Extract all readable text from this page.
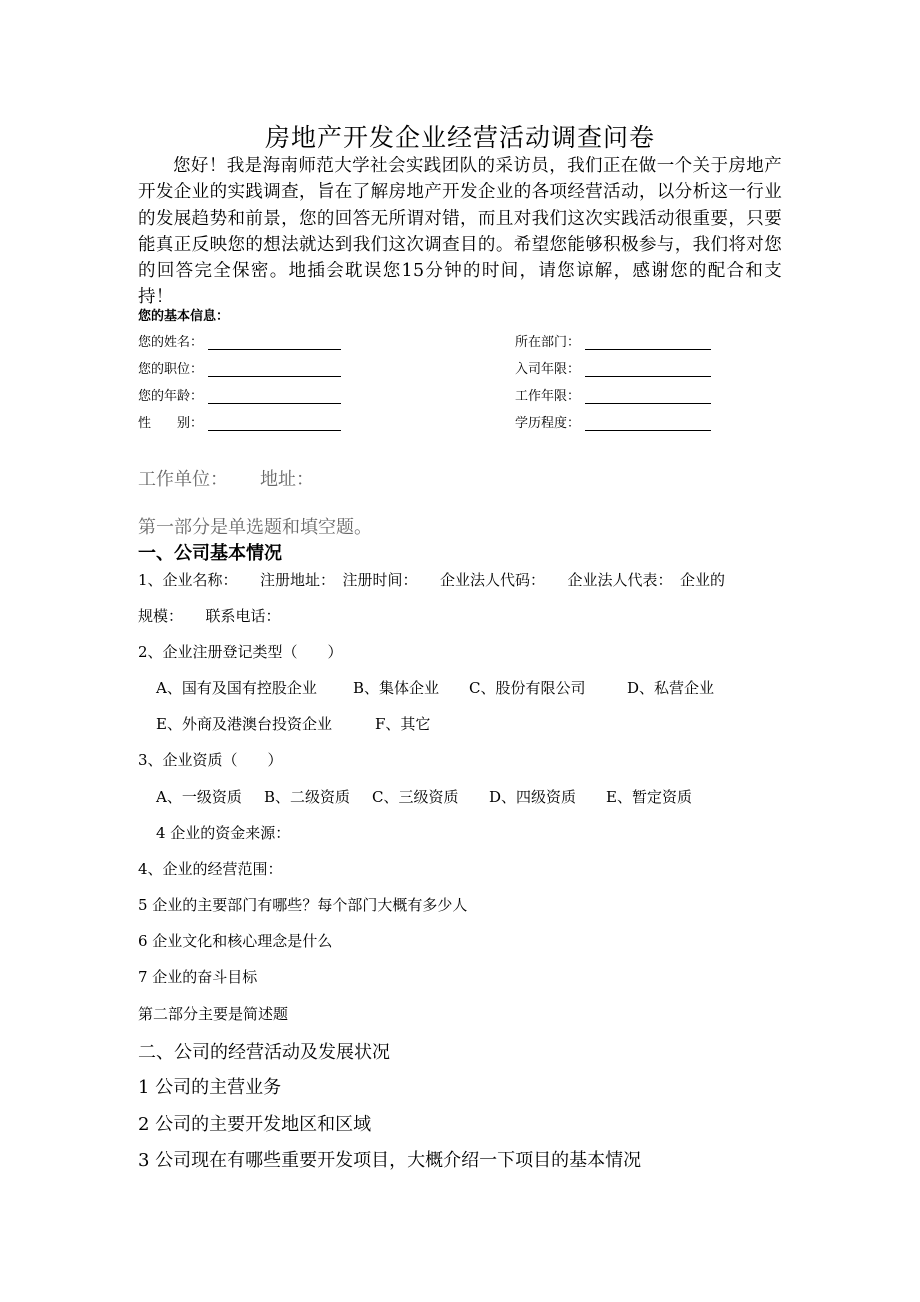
房地产开发企业经营活动调查问卷
您好！我是海南师范大学社会实践团队的采访员，我们正在做一个关于房地产开发企业的实践调查，旨在了解房地产开发企业的各项经营活动，以分析这一行业的发展趋势和前景，您的回答无所谓对错，而且对我们这次实践活动很重要，只要能真正反映您的想法就达到我们这次调查目的。希望您能够积极参与，我们将对您的回答完全保密。地插会耽误您15分钟的时间，请您谅解，感谢您的配合和支持！
您的基本信息：
您的姓名：
您的职位：
您的年龄：
性　　别：
所在部门：
入司年限：
工作年限：
学历程度：
工作单位： 地址：
第一部分是单选题和填空题。
一、公司基本情况
1、企业名称：　　注册地址：　注册时间：　　企业法人代码：　　企业法人代表：　企业的
规模：　　联系电话：
2、企业注册登记类型（　　）
A、国有及国有控股企业 B、集体企业 C、股份有限公司	D、私营企业
E、外商及港澳台投资企业	F、其它
3、企业资质（　　）
A、一级资质 B、二级资质 C、三级资质 D、四级资质 E、暂定资质
4 企业的资金来源：
4、企业的经营范围：
5 企业的主要部门有哪些？每个部门大概有多少人
6 企业文化和核心理念是什么
7 企业的奋斗目标
第二部分主要是简述题
二、公司的经营活动及发展状况
1 公司的主营业务
2 公司的主要开发地区和区域
3 公司现在有哪些重要开发项目，大概介绍一下项目的基本情况
